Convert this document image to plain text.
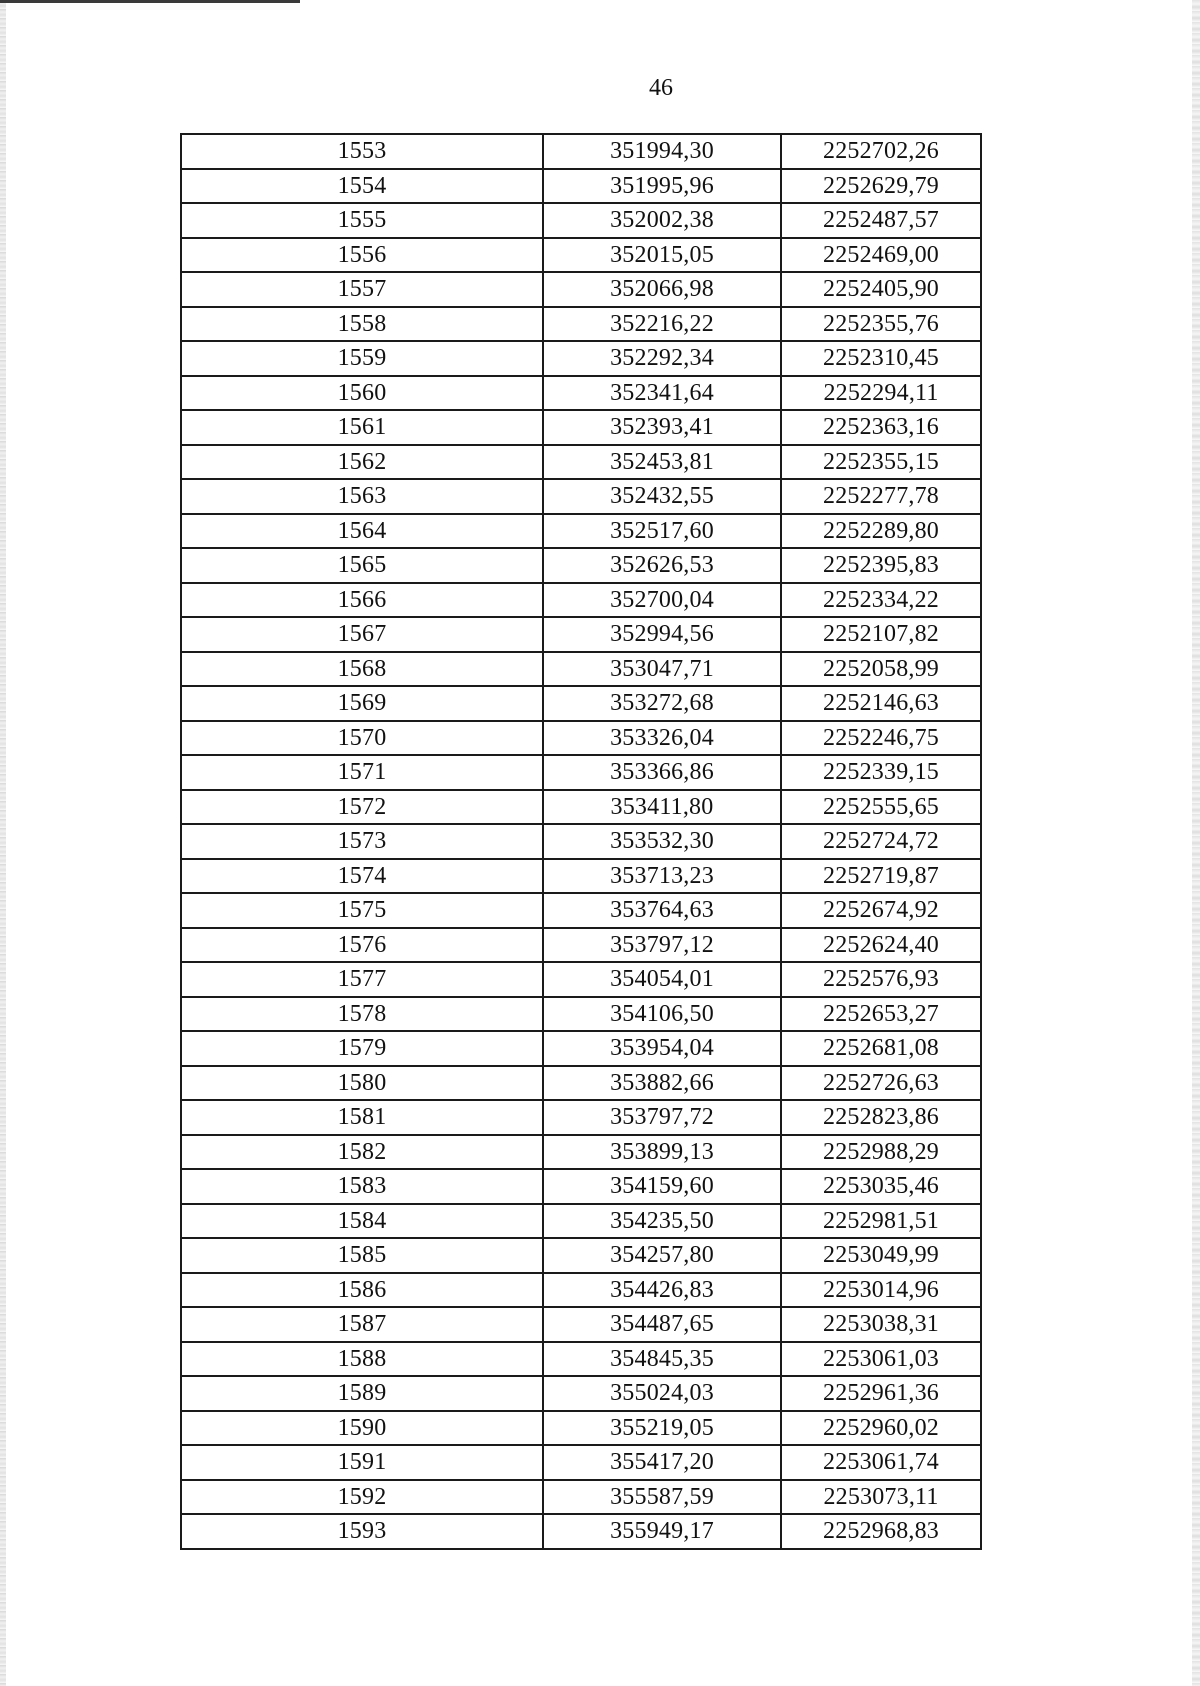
46
1553	351994,30	2252702,26
1554	351995,96	2252629,79
1555	352002,38	2252487,57
1556	352015,05	2252469,00
1557	352066,98	2252405,90
1558	352216,22	2252355,76
1559	352292,34	2252310,45
1560	352341,64	2252294,11
1561	352393,41	2252363,16
1562	352453,81	2252355,15
1563	352432,55	2252277,78
1564	352517,60	2252289,80
1565	352626,53	2252395,83
1566	352700,04	2252334,22
1567	352994,56	2252107,82
1568	353047,71	2252058,99
1569	353272,68	2252146,63
1570	353326,04	2252246,75
1571	353366,86	2252339,15
1572	353411,80	2252555,65
1573	353532,30	2252724,72
1574	353713,23	2252719,87
1575	353764,63	2252674,92
1576	353797,12	2252624,40
1577	354054,01	2252576,93
1578	354106,50	2252653,27
1579	353954,04	2252681,08
1580	353882,66	2252726,63
1581	353797,72	2252823,86
1582	353899,13	2252988,29
1583	354159,60	2253035,46
1584	354235,50	2252981,51
1585	354257,80	2253049,99
1586	354426,83	2253014,96
1587	354487,65	2253038,31
1588	354845,35	2253061,03
1589	355024,03	2252961,36
1590	355219,05	2252960,02
1591	355417,20	2253061,74
1592	355587,59	2253073,11
1593	355949,17	2252968,83
